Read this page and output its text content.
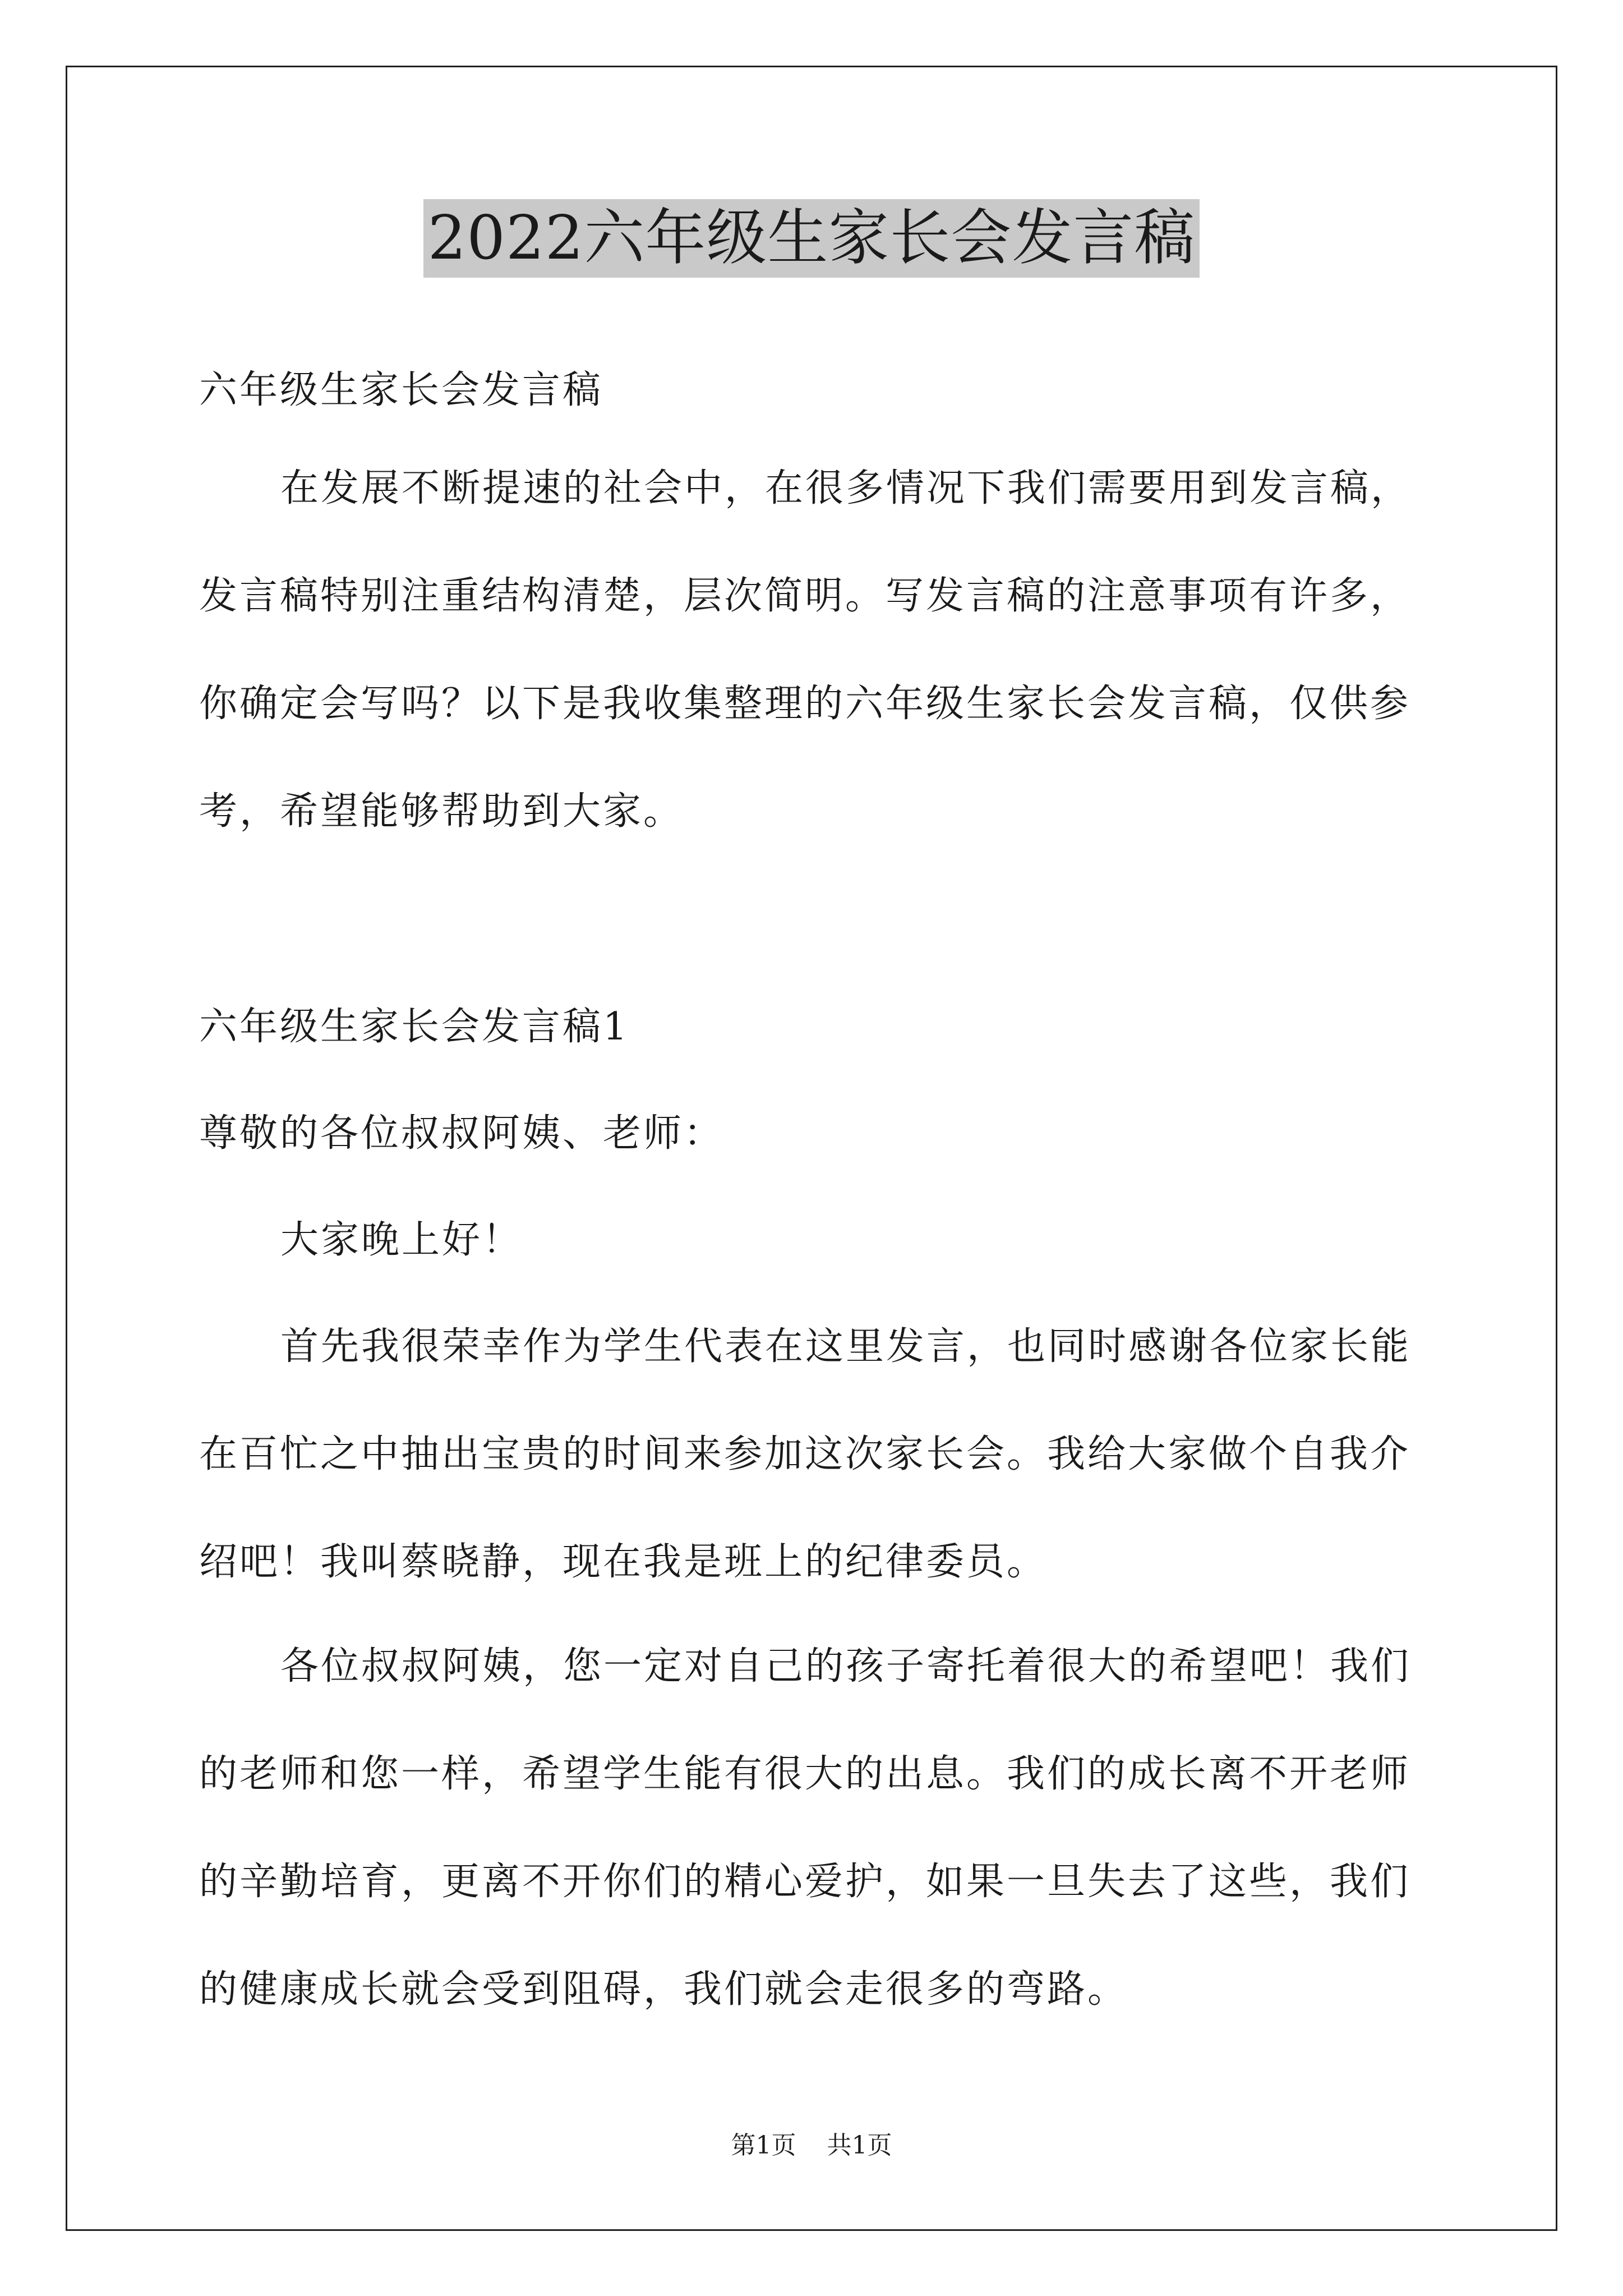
2022六年级生家长会发言稿

六年级生家长会发言稿

在发展不断提速的社会中，在很多情况下我们需要用到发言稿，发言稿特别注重结构清楚，层次简明。写发言稿的注意事项有许多，你确定会写吗？以下是我收集整理的六年级生家长会发言稿，仅供参考，希望能够帮助到大家。

六年级生家长会发言稿1

尊敬的各位叔叔阿姨、老师：

大家晚上好！

首先我很荣幸作为学生代表在这里发言，也同时感谢各位家长能在百忙之中抽出宝贵的时间来参加这次家长会。我给大家做个自我介绍吧！我叫蔡晓静，现在我是班上的纪律委员。

各位叔叔阿姨，您一定对自己的孩子寄托着很大的希望吧！我们的老师和您一样，希望学生能有很大的出息。我们的成长离不开老师的辛勤培育，更离不开你们的精心爱护，如果一旦失去了这些，我们的健康成长就会受到阻碍，我们就会走很多的弯路。

第1页 共1页
